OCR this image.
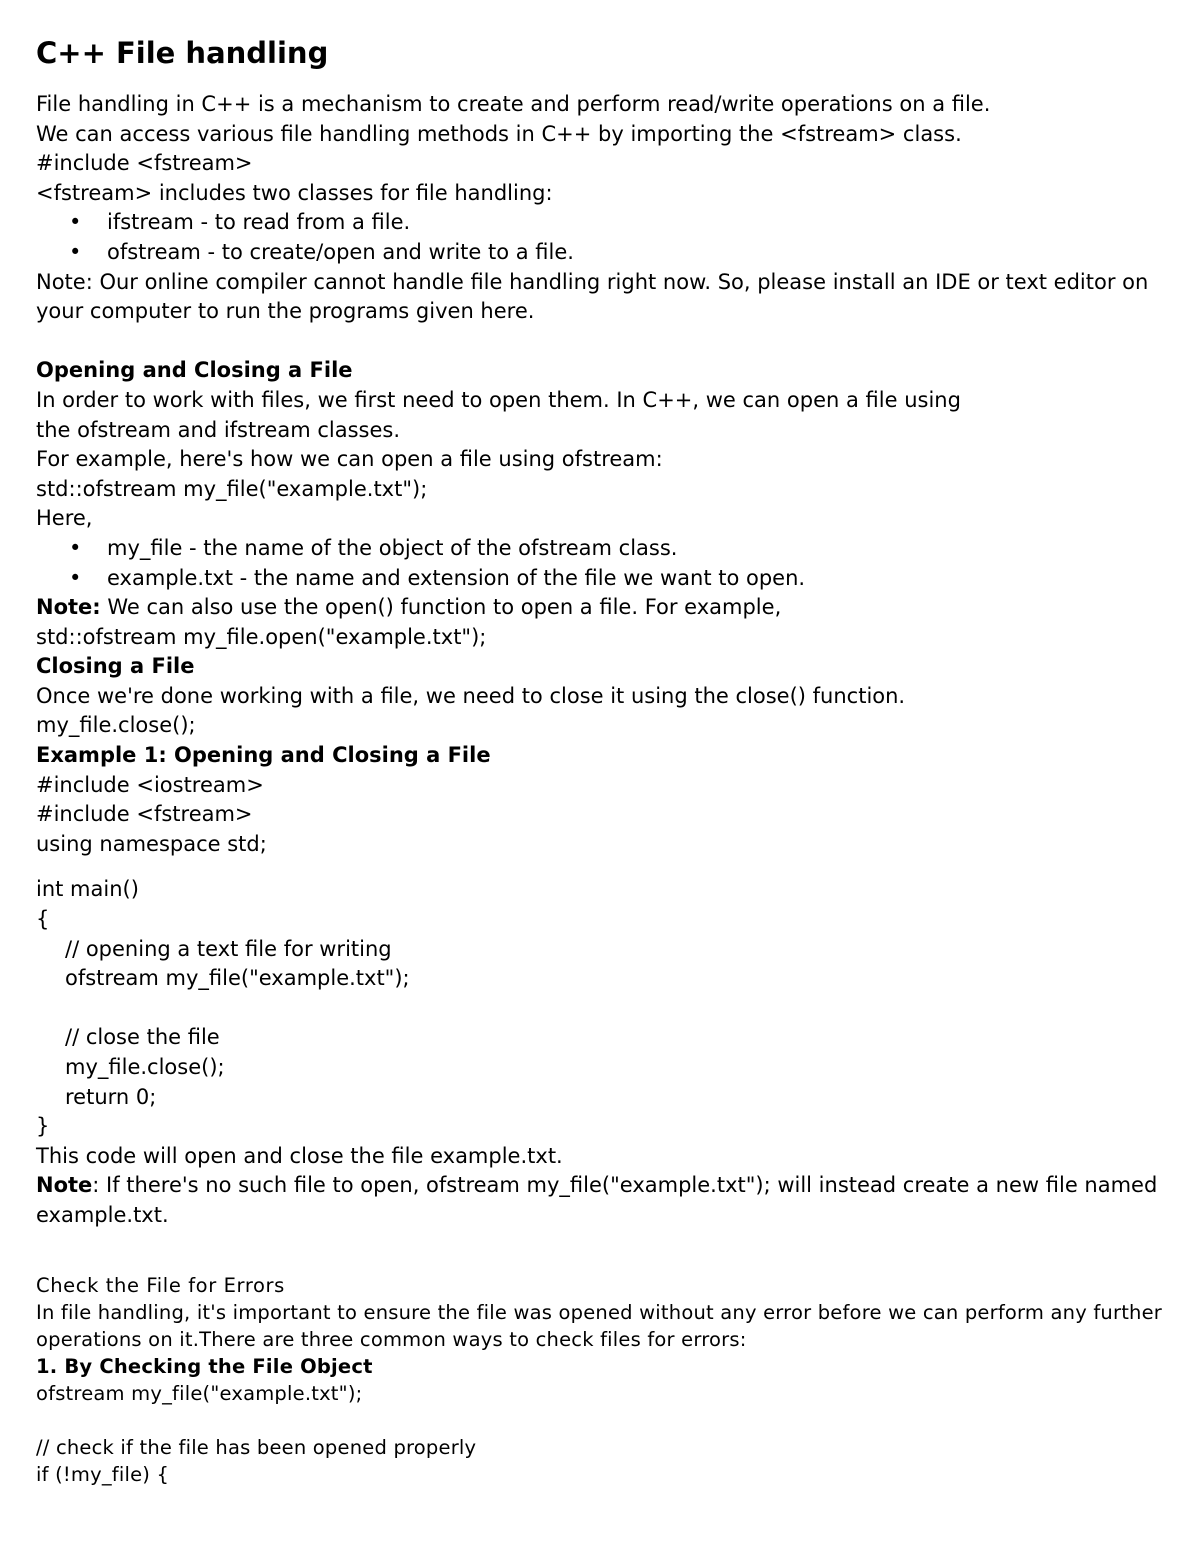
C++ File handling

File handling in C++ is a mechanism to create and perform read/write operations on a file.

We can access various file handling methods in C++ by importing the <fstream> class.

#include <fstream>

<fstream> includes two classes for file handling:

• ifstream - to read from a file.
• ofstream - to create/open and write to a file.

Note: Our online compiler cannot handle file handling right now. So, please install an IDE or text editor on your computer to run the programs given here.

Opening and Closing a File

In order to work with files, we first need to open them. In C++, we can open a file using

the ofstream and ifstream classes.

For example, here's how we can open a file using ofstream:

std::ofstream my_file("example.txt");

Here,

• my_file - the name of the object of the ofstream class.
• example.txt - the name and extension of the file we want to open.

Note: We can also use the open() function to open a file. For example,

std::ofstream my_file.open("example.txt");

Closing a File

Once we're done working with a file, we need to close it using the close() function.

my_file.close();

Example 1: Opening and Closing a File

#include <iostream>

#include <fstream>

using namespace std;

int main()

{

// opening a text file for writing

ofstream my_file("example.txt");

// close the file

my_file.close();

return 0;

}

This code will open and close the file example.txt.

Note: If there's no such file to open, ofstream my_file("example.txt"); will instead create a new file named example.txt.

Check the File for Errors

In file handling, it's important to ensure the file was opened without any error before we can perform any further operations on it.There are three common ways to check files for errors:

1. By Checking the File Object

ofstream my_file("example.txt");

// check if the file has been opened properly

if (!my_file) {
